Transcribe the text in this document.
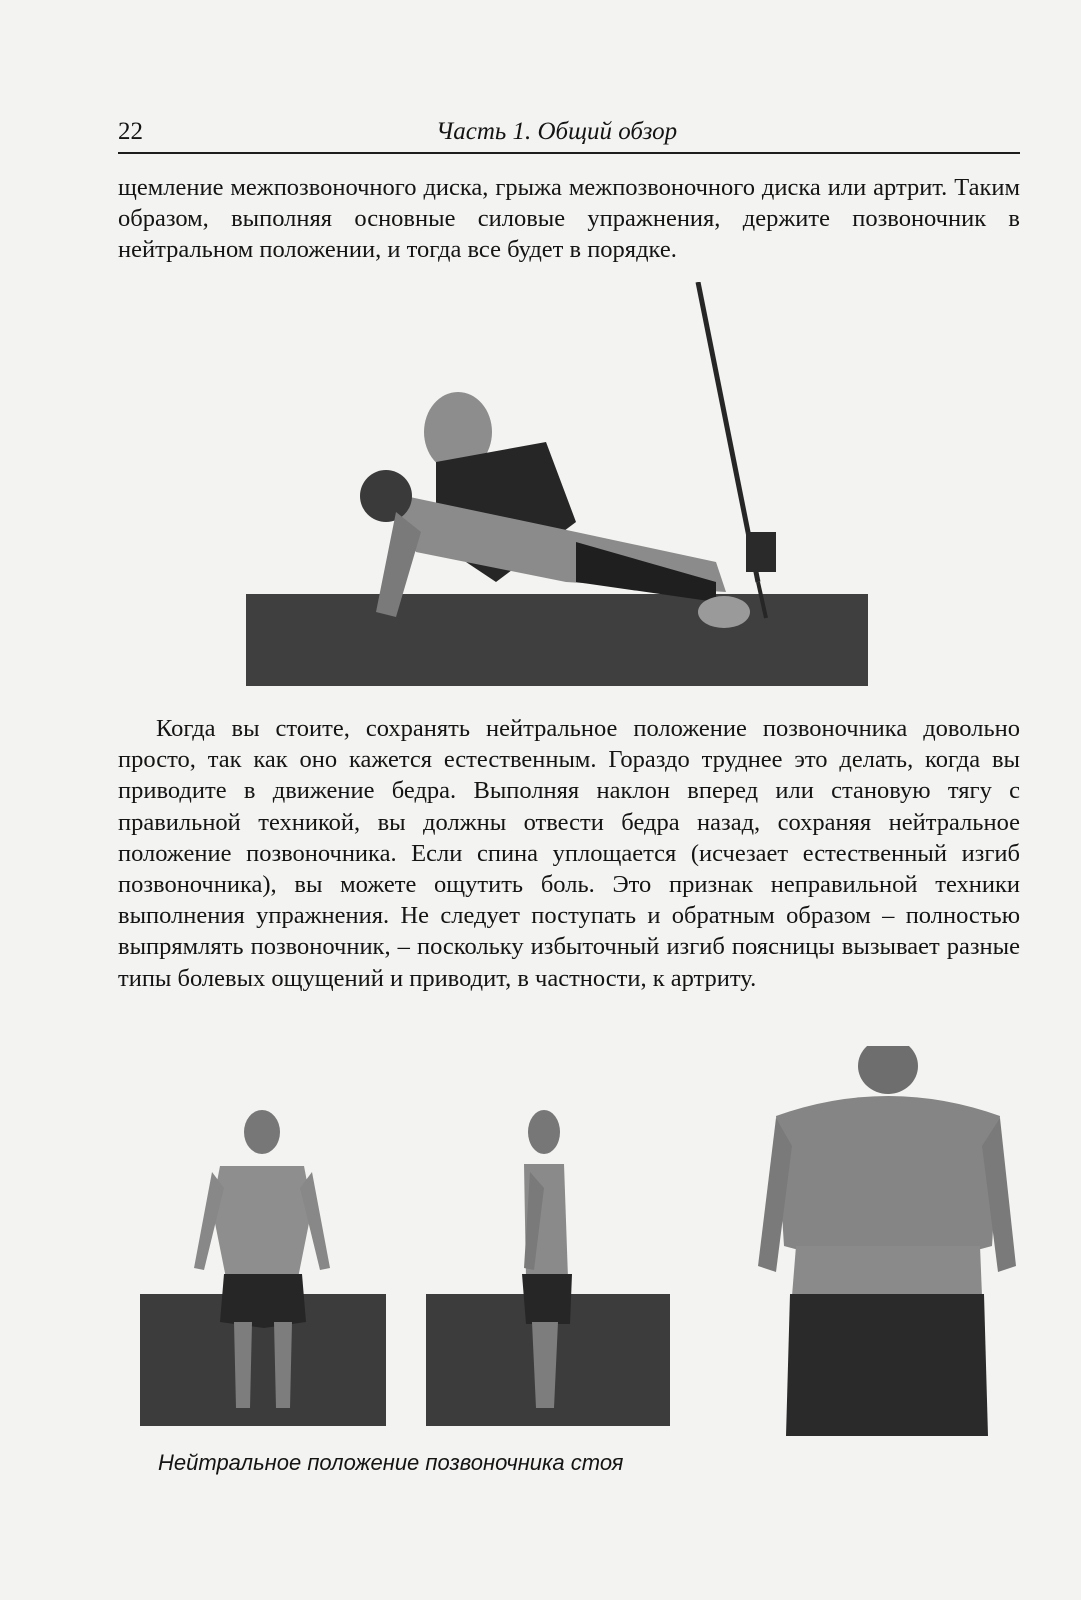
22	Часть 1. Общий обзор

щемление межпозвоночного диска, грыжа межпозвоночного диска или артрит. Таким образом, выполняя основные силовые упражнения, держите позвоночник в нейтральном положении, и тогда все будет в порядке.

Когда вы стоите, сохранять нейтральное положение позвоночника довольно просто, так как оно кажется естественным. Гораздо труднее это делать, когда вы приводите в движение бедра. Выполняя наклон вперед или становую тягу с правильной техникой, вы должны отвести бедра назад, сохраняя нейтральное положение позвоночника. Если спина уплощается (исчезает естественный изгиб позвоночника), вы можете ощутить боль. Это признак неправильной техники выполнения упражнения. Не следует поступать и обратным образом – полностью выпрямлять позвоночник, – поскольку избыточный изгиб поясницы вызывает разные типы болевых ощущений и приводит, в частности, к артриту.

Нейтральное положение позвоночника стоя
